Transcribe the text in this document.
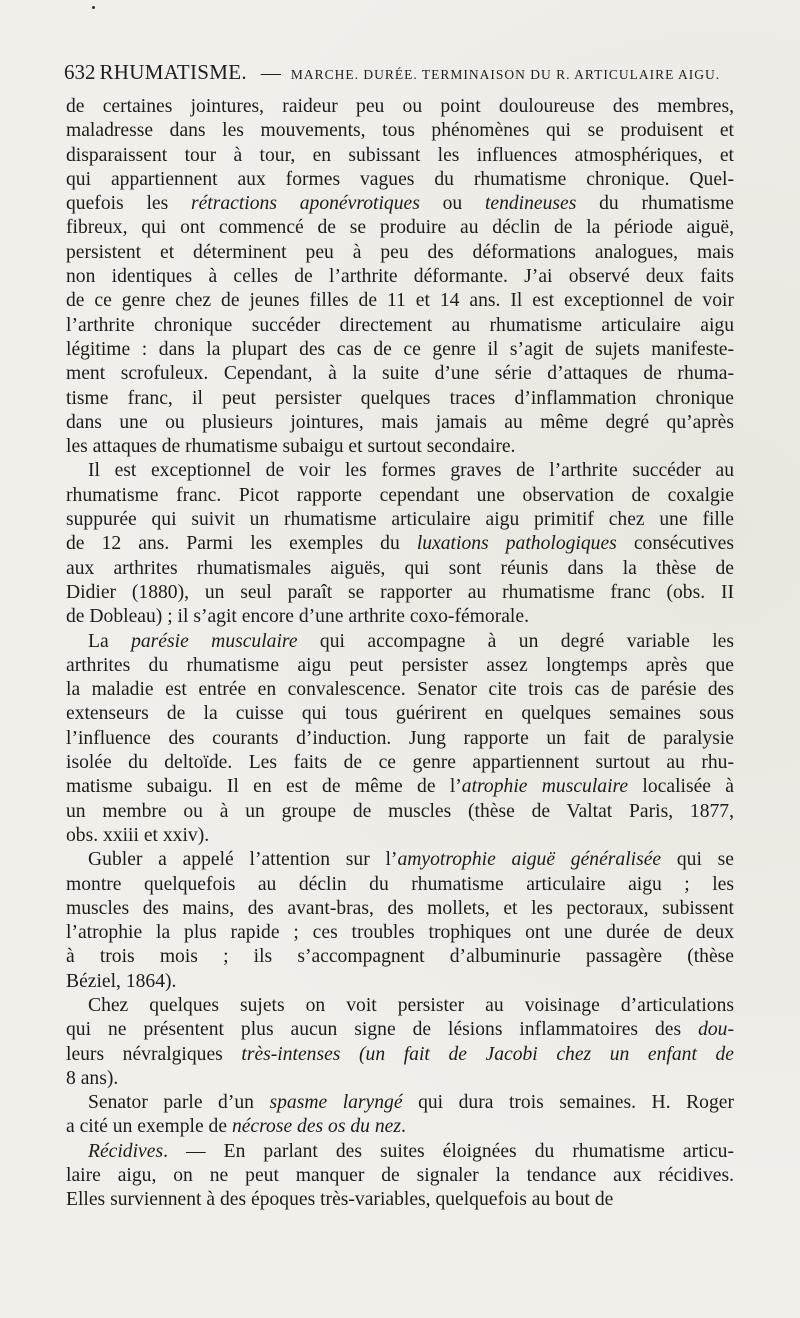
632 RHUMATISME. — MARCHE. DURÉE. TERMINAISON DU R. ARTICULAIRE AIGU.
de certaines jointures, raideur peu ou point douloureuse des membres,
maladresse dans les mouvements, tous phénomènes qui se produisent et
disparaissent tour à tour, en subissant les influences atmosphériques, et
qui appartiennent aux formes vagues du rhumatisme chronique. Quel-
quefois les rétractions aponévrotiques ou tendineuses du rhumatisme
fibreux, qui ont commencé de se produire au déclin de la période aiguë,
persistent et déterminent peu à peu des déformations analogues, mais
non identiques à celles de l’arthrite déformante. J’ai observé deux faits
de ce genre chez de jeunes filles de 11 et 14 ans. Il est exceptionnel de voir
l’arthrite chronique succéder directement au rhumatisme articulaire aigu
légitime : dans la plupart des cas de ce genre il s’agit de sujets manifeste-
ment scrofuleux. Cependant, à la suite d’une série d’attaques de rhuma-
tisme franc, il peut persister quelques traces d’inflammation chronique
dans une ou plusieurs jointures, mais jamais au même degré qu’après
les attaques de rhumatisme subaigu et surtout secondaire.
Il est exceptionnel de voir les formes graves de l’arthrite succéder au
rhumatisme franc. Picot rapporte cependant une observation de coxalgie
suppurée qui suivit un rhumatisme articulaire aigu primitif chez une fille
de 12 ans. Parmi les exemples du luxations pathologiques consécutives
aux arthrites rhumatismales aiguës, qui sont réunis dans la thèse de
Didier (1880), un seul paraît se rapporter au rhumatisme franc (obs. II
de Dobleau) ; il s’agit encore d’une arthrite coxo-fémorale.
La parésie musculaire qui accompagne à un degré variable les
arthrites du rhumatisme aigu peut persister assez longtemps après que
la maladie est entrée en convalescence. Senator cite trois cas de parésie des
extenseurs de la cuisse qui tous guérirent en quelques semaines sous
l’influence des courants d’induction. Jung rapporte un fait de paralysie
isolée du deltoïde. Les faits de ce genre appartiennent surtout au rhu-
matisme subaigu. Il en est de même de l’atrophie musculaire localisée à
un membre ou à un groupe de muscles (thèse de Valtat Paris, 1877,
obs. xxiii et xxiv).
Gubler a appelé l’attention sur l’amyotrophie aiguë généralisée qui se
montre quelquefois au déclin du rhumatisme articulaire aigu ; les
muscles des mains, des avant-bras, des mollets, et les pectoraux, subissent
l’atrophie la plus rapide ; ces troubles trophiques ont une durée de deux
à trois mois ; ils s’accompagnent d’albuminurie passagère (thèse
Béziel, 1864).
Chez quelques sujets on voit persister au voisinage d’articulations
qui ne présentent plus aucun signe de lésions inflammatoires des dou-
leurs névralgiques très-intenses (un fait de Jacobi chez un enfant de
8 ans).
Senator parle d’un spasme laryngé qui dura trois semaines. H. Roger
a cité un exemple de nécrose des os du nez.
Récidives. — En parlant des suites éloignées du rhumatisme articu-
laire aigu, on ne peut manquer de signaler la tendance aux récidives.
Elles surviennent à des époques très-variables, quelquefois au bout de
